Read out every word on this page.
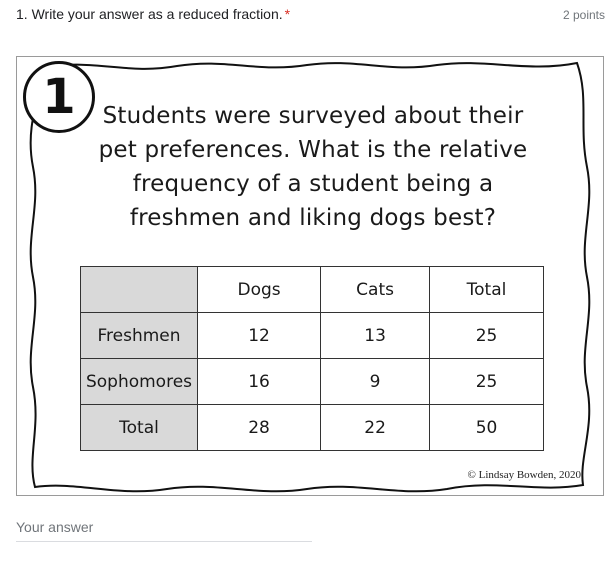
1. Write your answer as a reduced fraction. *	2 points
1	Students were surveyed about their pet preferences. What is the relative frequency of a student being a freshmen and liking dogs best?
	Dogs	Cats	Total
Freshmen	12	13	25
Sophomores	16	9	25
Total	28	22	50
© Lindsay Bowden, 2020
Your answer
